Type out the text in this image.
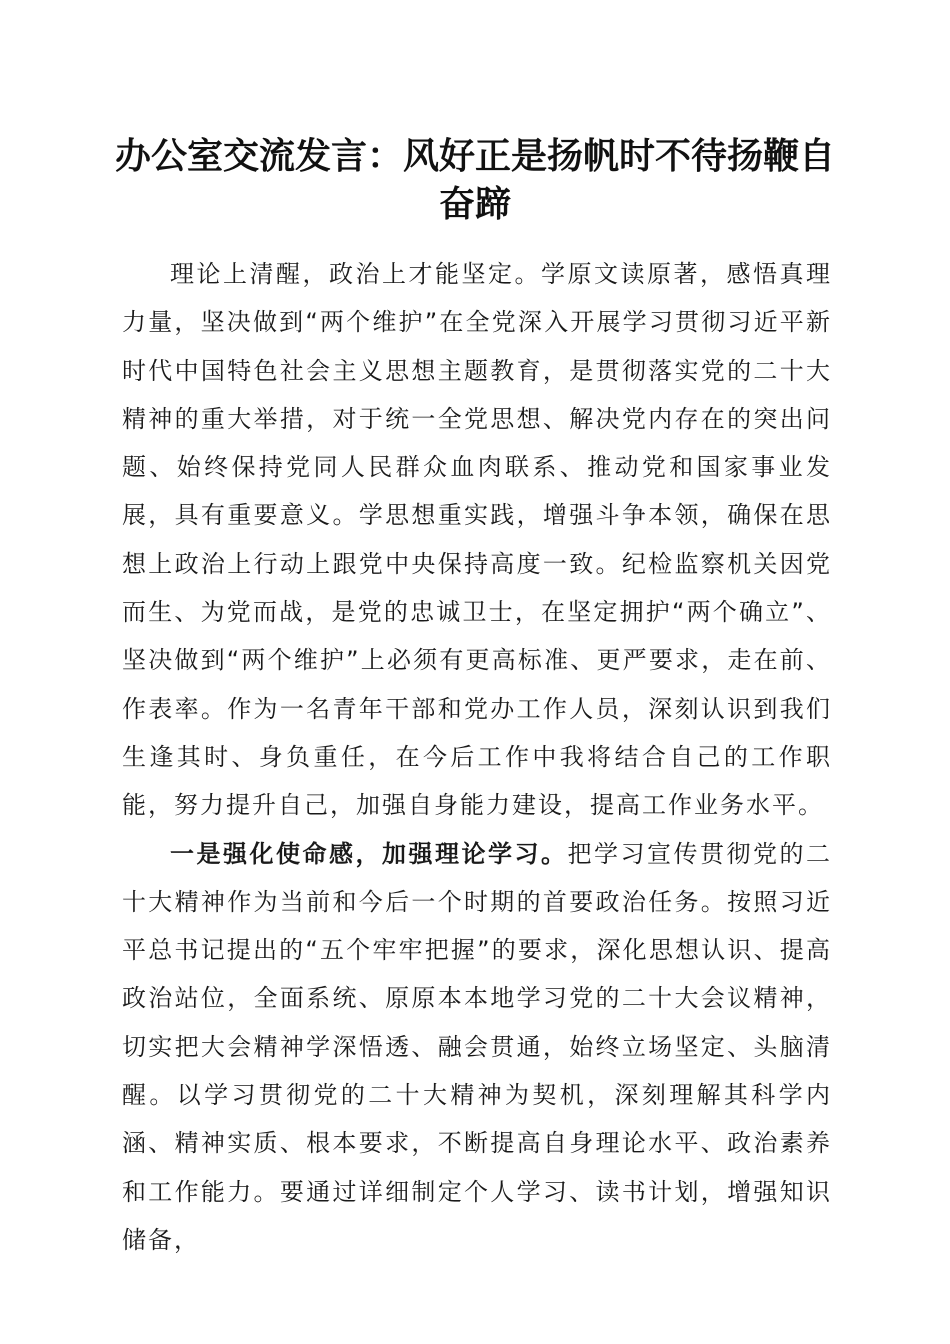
办公室交流发言：风好正是扬帆时不待扬鞭自奋蹄

理论上清醒，政治上才能坚定。学原文读原著，感悟真理力量，坚决做到“两个维护”在全党深入开展学习贯彻习近平新时代中国特色社会主义思想主题教育，是贯彻落实党的二十大精神的重大举措，对于统一全党思想、解决党内存在的突出问题、始终保持党同人民群众血肉联系、推动党和国家事业发展，具有重要意义。学思想重实践，增强斗争本领，确保在思想上政治上行动上跟党中央保持高度一致。纪检监察机关因党而生、为党而战，是党的忠诚卫士，在坚定拥护“两个确立”、坚决做到“两个维护”上必须有更高标准、更严要求，走在前、作表率。作为一名青年干部和党办工作人员，深刻认识到我们生逢其时、身负重任，在今后工作中我将结合自己的工作职能，努力提升自己，加强自身能力建设，提高工作业务水平。

一是强化使命感，加强理论学习。把学习宣传贯彻党的二十大精神作为当前和今后一个时期的首要政治任务。按照习近平总书记提出的“五个牢牢把握”的要求，深化思想认识、提高政治站位，全面系统、原原本本地学习党的二十大会议精神，切实把大会精神学深悟透、融会贯通，始终立场坚定、头脑清醒。以学习贯彻党的二十大精神为契机，深刻理解其科学内涵、精神实质、根本要求，不断提高自身理论水平、政治素养和工作能力。要通过详细制定个人学习、读书计划，增强知识储备，
